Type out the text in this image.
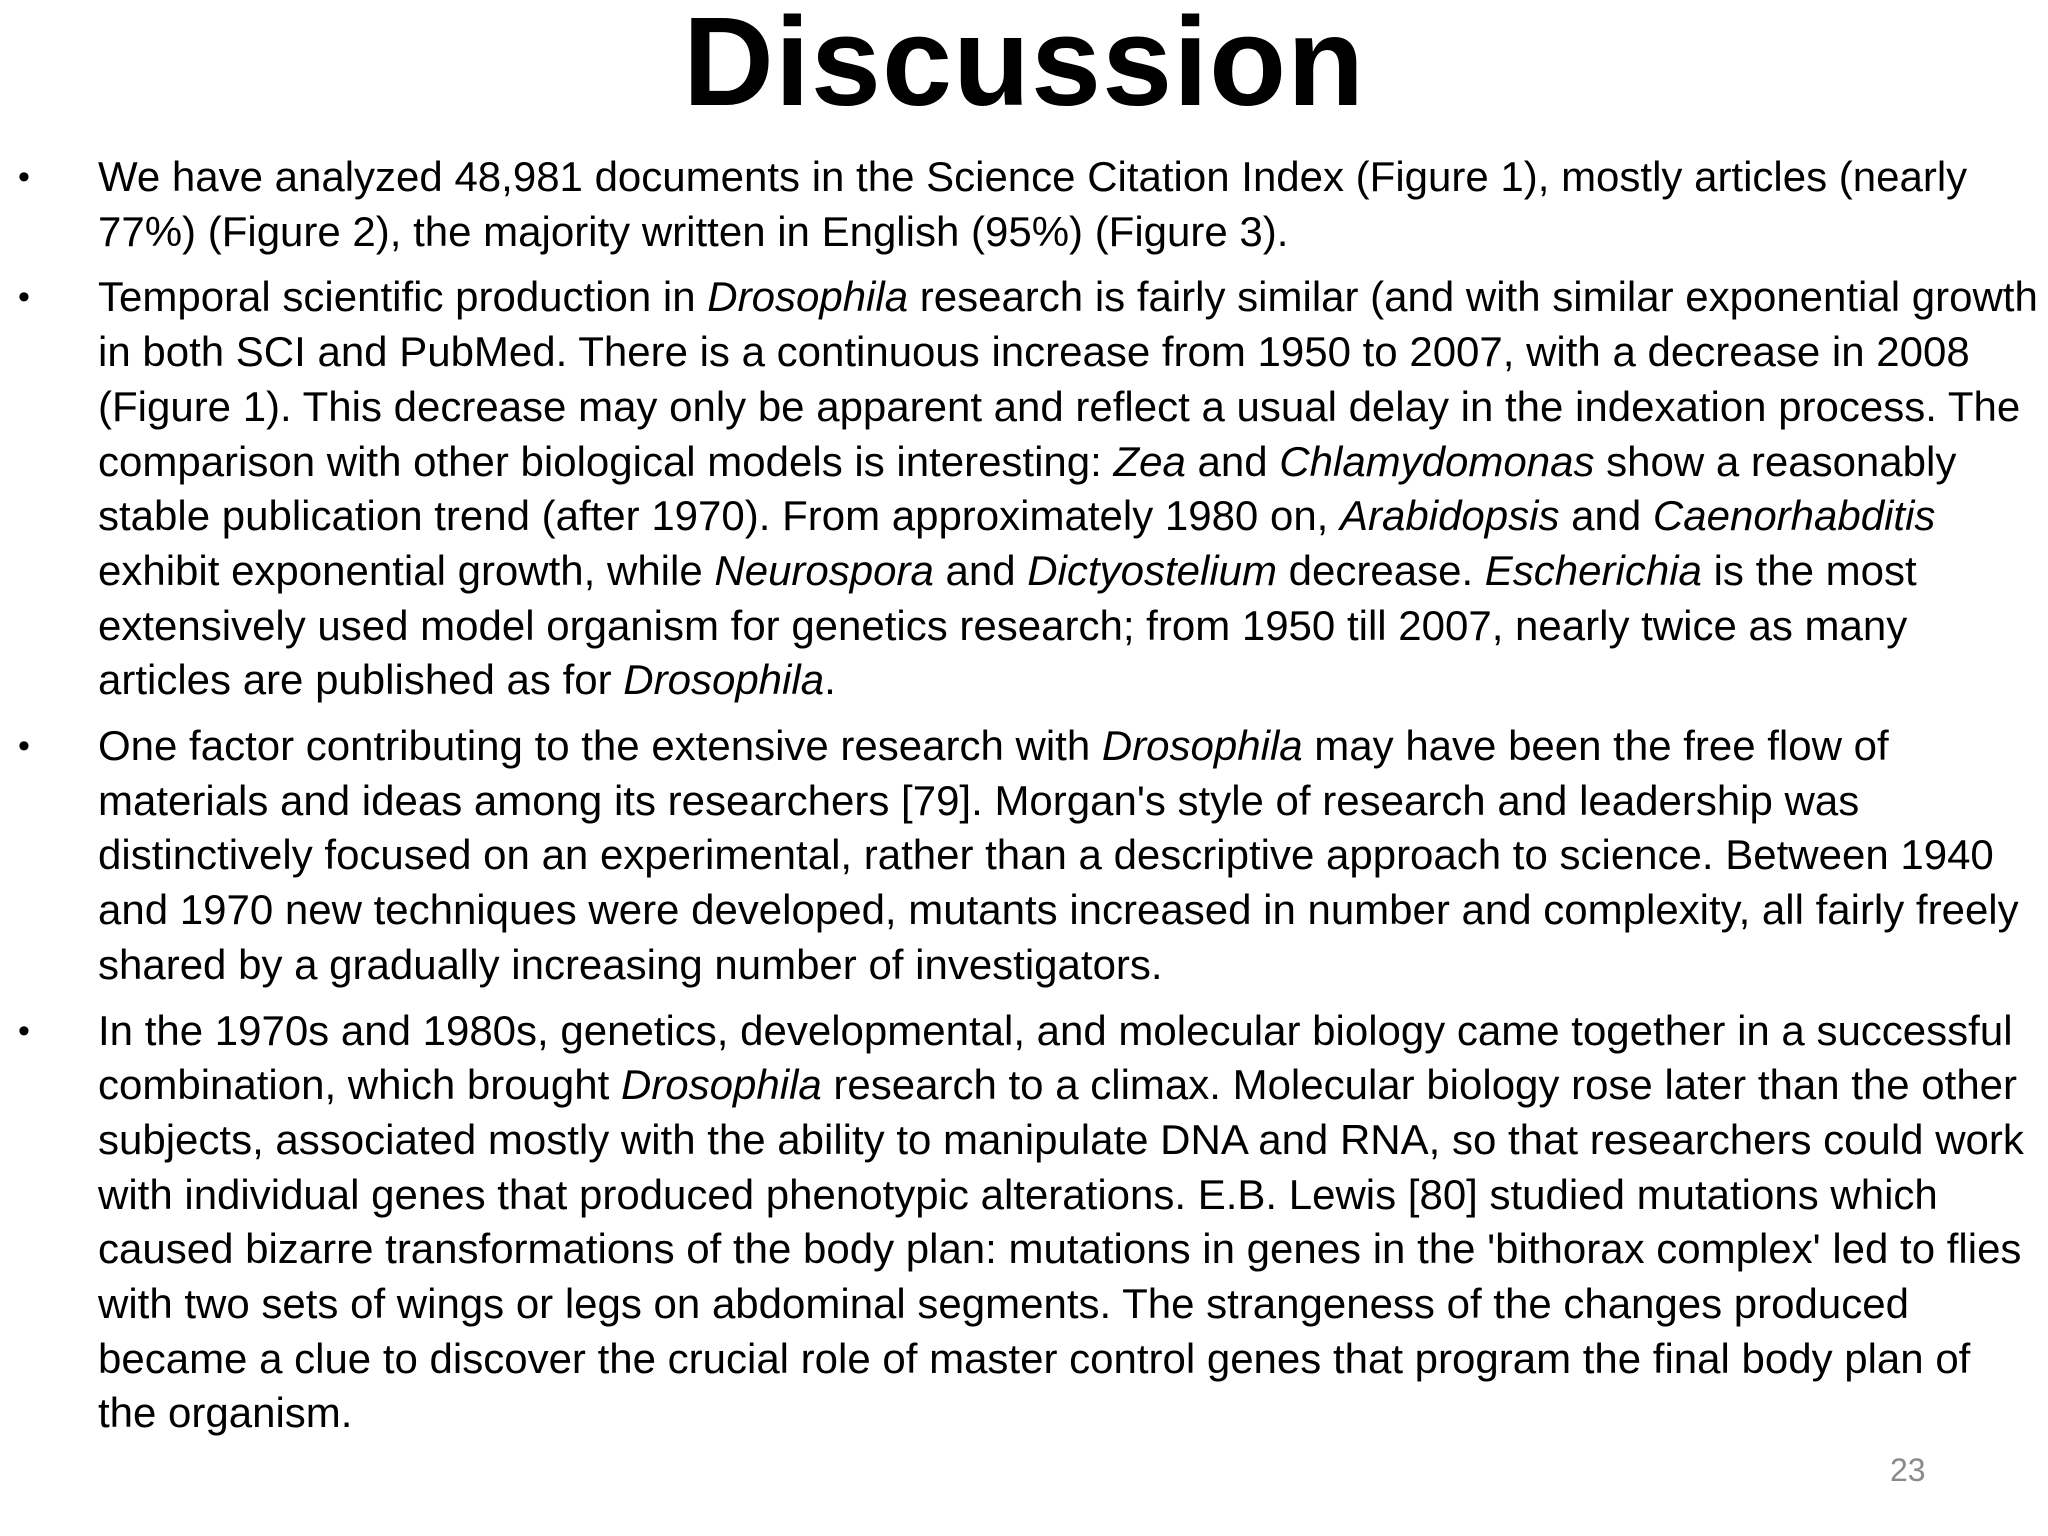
Discussion
• We have analyzed 48,981 documents in the Science Citation Index (Figure 1), mostly articles (nearly 77%) (Figure 2), the majority written in English (95%) (Figure 3).
• Temporal scientific production in Drosophila research is fairly similar (and with similar exponential growth in both SCI and PubMed. There is a continuous increase from 1950 to 2007, with a decrease in 2008 (Figure 1). This decrease may only be apparent and reflect a usual delay in the indexation process. The comparison with other biological models is interesting: Zea and Chlamydomonas show a reasonably stable publication trend (after 1970). From approximately 1980 on, Arabidopsis and Caenorhabditis exhibit exponential growth, while Neurospora and Dictyostelium decrease. Escherichia is the most extensively used model organism for genetics research; from 1950 till 2007, nearly twice as many articles are published as for Drosophila.
• One factor contributing to the extensive research with Drosophila may have been the free flow of materials and ideas among its researchers [79]. Morgan's style of research and leadership was distinctively focused on an experimental, rather than a descriptive approach to science. Between 1940 and 1970 new techniques were developed, mutants increased in number and complexity, all fairly freely shared by a gradually increasing number of investigators.
• In the 1970s and 1980s, genetics, developmental, and molecular biology came together in a successful combination, which brought Drosophila research to a climax. Molecular biology rose later than the other subjects, associated mostly with the ability to manipulate DNA and RNA, so that researchers could work with individual genes that produced phenotypic alterations. E.B. Lewis [80] studied mutations which caused bizarre transformations of the body plan: mutations in genes in the 'bithorax complex' led to flies with two sets of wings or legs on abdominal segments. The strangeness of the changes produced became a clue to discover the crucial role of master control genes that program the final body plan of the organism.
23
